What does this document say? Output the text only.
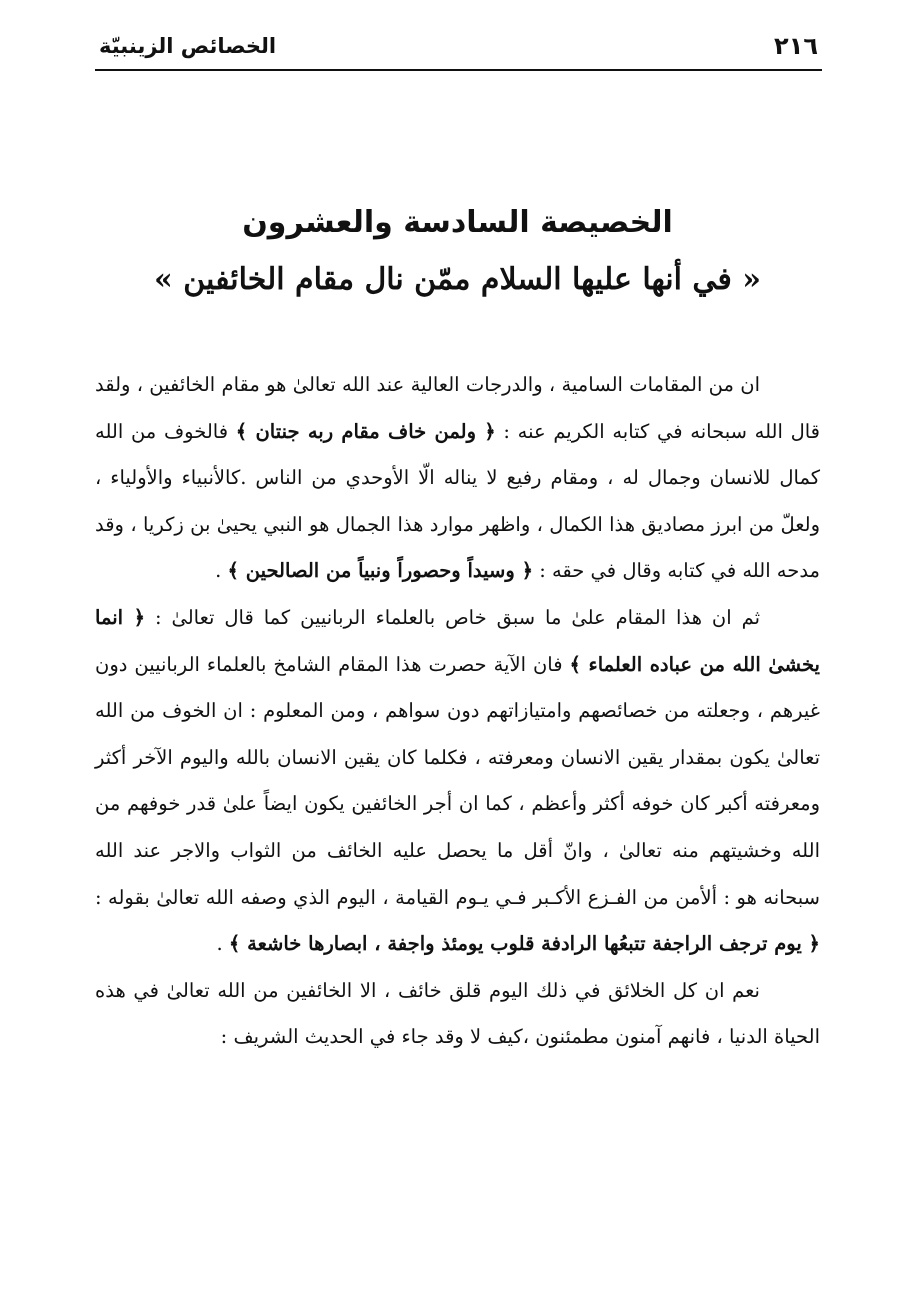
٢١٦
الخصائص الزينبيّة
الخصيصة السادسة والعشرون
« في أنها عليها السلام ممّن نال مقام الخائفين »

ان من المقامات السامية ، والدرجات العالية عند الله تعالىٰ هو مقام الخائفين ، ولقد قال الله سبحانه في كتابه الكريم عنه : ﴿ ولمن خاف مقام ربه جنتان ﴾ فالخوف من الله كمال للانسان وجمال له ، ومقام رفيع لا يناله الّا الأوحدي من الناس .كالأنبياء والأولياء ، ولعلّ من ابرز مصاديق هذا الكمال ، واظهر موارد هذا الجمال هو النبي يحيىٰ بن زكريا ، وقد مدحه الله في كتابه وقال في حقه : ﴿ وسيداً وحصوراً ونبياً من الصالحين ﴾ .

ثم ان هذا المقام علىٰ ما سبق خاص بالعلماء الربانيين كما قال تعالىٰ : ﴿ انما يخشىٰ الله من عباده العلماء ﴾ فان الآية حصرت هذا المقام الشامخ بالعلماء الربانيين دون غيرهم ، وجعلته من خصائصهم وامتيازاتهم دون سواهم ، ومن المعلوم : ان الخوف من الله تعالىٰ يكون بمقدار يقين الانسان ومعرفته ، فكلما كان يقين الانسان بالله واليوم الآخر أكثر ومعرفته أكبر كان خوفه أكثر وأعظم ، كما ان أجر الخائفين يكون ايضاً علىٰ قدر خوفهم من الله وخشيتهم منه تعالىٰ ، وانّ أقل ما يحصل عليه الخائف من الثواب والاجر عند الله سبحانه هو : ألأمن من الفـزع الأكـبر فـي يـوم القيامة ، اليوم الذي وصفه الله تعالىٰ بقوله : ﴿ يوم ترجف الراجفة تتبعُها الرادفة قلوب يومئذ واجفة ، ابصارها خاشعة ﴾ .

نعم ان كل الخلائق في ذلك اليوم قلق خائف ، الا الخائفين من الله تعالىٰ في هذه الحياة الدنيا ، فانهم آمنون مطمئنون ،كيف لا وقد جاء في الحديث الشريف :
